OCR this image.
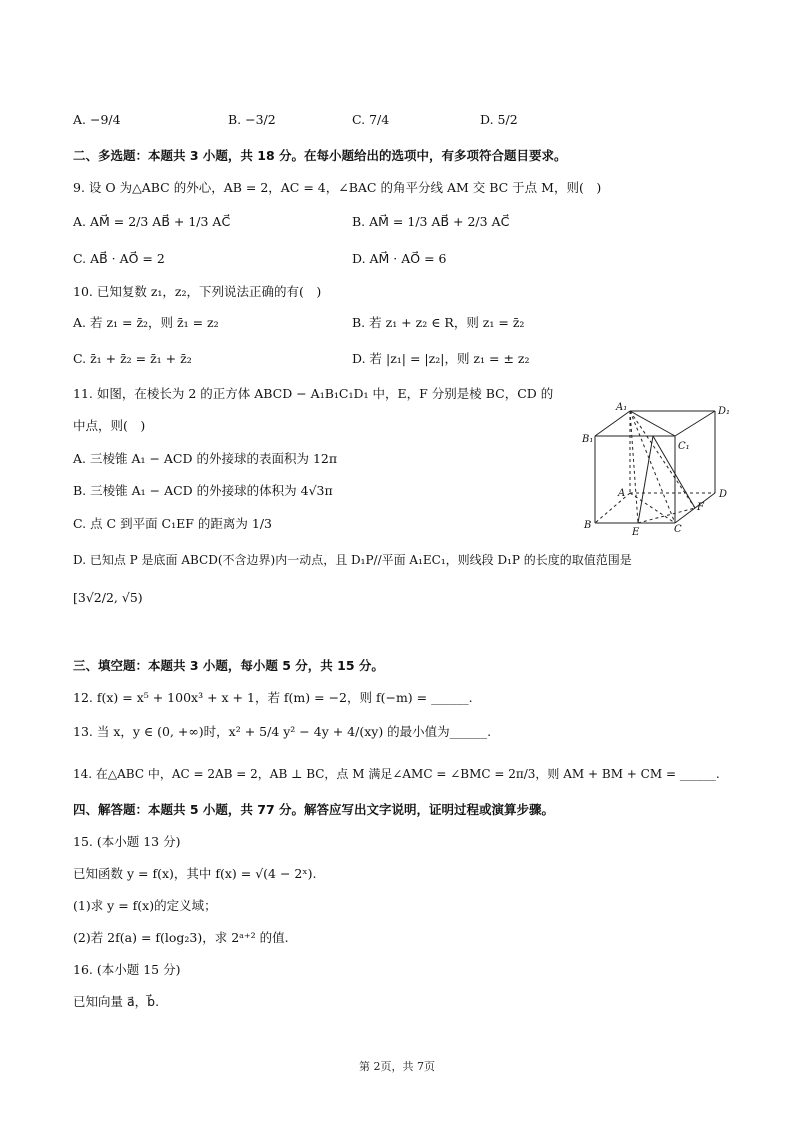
A. −9/4	B. −3/2	C. 7/4	D. 5/2
二、多选题：本题共 3 小题，共 18 分。在每小题给出的选项中，有多项符合题目要求。
9. 设 O 为△ABC 的外心，AB = 2，AC = 4，∠BAC 的角平分线 AM 交 BC 于点 M，则(　)
A. AM⃗ = 2/3 AB⃗ + 1/3 AC⃗	B. AM⃗ = 1/3 AB⃗ + 2/3 AC⃗
C. AB⃗ · AO⃗ = 2	D. AM⃗ · AO⃗ = 6
10. 已知复数 z₁，z₂，下列说法正确的有(　)
A. 若 z₁ = z̄₂，则 z̄₁ = z₂	B. 若 z₁ + z₂ ∈ R，则 z₁ = z̄₂
C. z̄₁ + z̄₂ = z̄₁ + z̄₂	D. 若 |z₁| = |z₂|，则 z₁ = ± z₂
11. 如图，在棱长为 2 的正方体 ABCD − A₁B₁C₁D₁ 中，E，F 分别是棱 BC，CD 的
中点，则(　)
A. 三棱锥 A₁ − ACD 的外接球的表面积为 12π
B. 三棱锥 A₁ − ACD 的外接球的体积为 4√3π
C. 点 C 到平面 C₁EF 的距离为 1/3
D. 已知点 P 是底面 ABCD(不含边界)内一动点，且 D₁P//平面 A₁EC₁，则线段 D₁P 的长度的取值范围是
[3√2/2, √5)
A₁	D₁
B₁
C₁
A	D
B	C
E
F
三、填空题：本题共 3 小题，每小题 5 分，共 15 分。
12. f(x) = x⁵ + 100x³ + x + 1，若 f(m) = −2，则 f(−m) = ______.
13. 当 x，y ∈ (0, +∞)时，x² + 5/4 y² − 4y + 4/(xy) 的最小值为______.
14. 在△ABC 中，AC = 2AB = 2，AB ⊥ BC，点 M 满足∠AMC = ∠BMC = 2π/3，则 AM + BM + CM = ______.
四、解答题：本题共 5 小题，共 77 分。解答应写出文字说明，证明过程或演算步骤。
15. (本小题 13 分)
已知函数 y = f(x)，其中 f(x) = √(4 − 2ˣ).
(1)求 y = f(x)的定义域；
(2)若 2f(a) = f(log₂3)，求 2ᵃ⁺² 的值.
16. (本小题 15 分)
已知向量 a⃗，b⃗.
第 2页，共 7页
